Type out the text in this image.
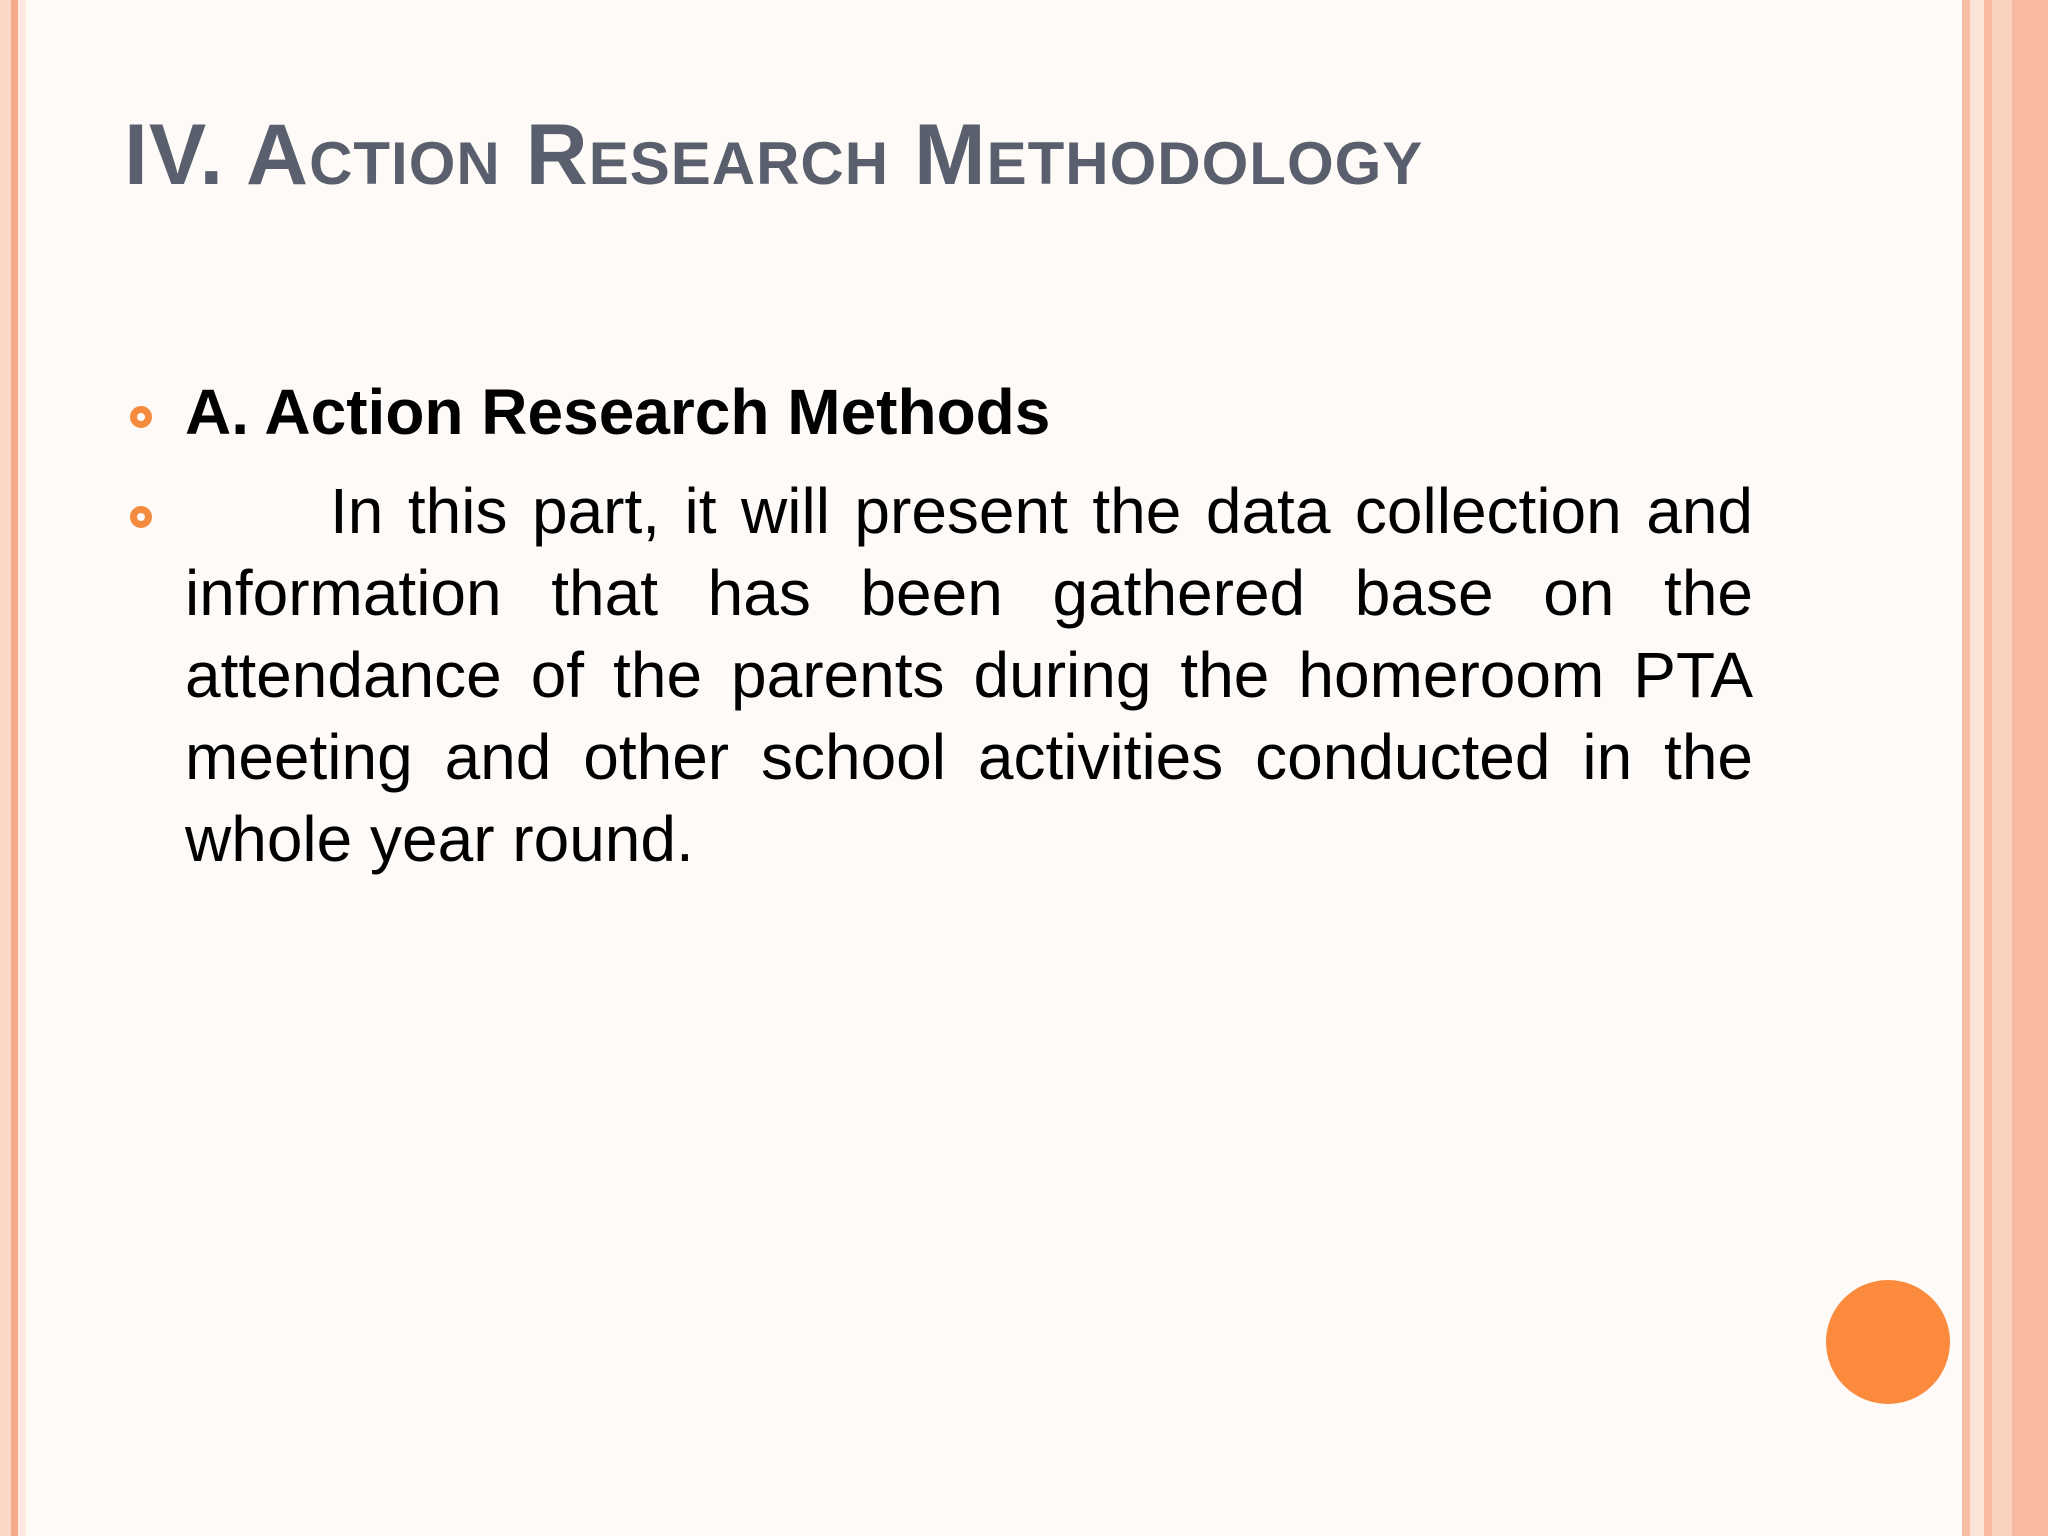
IV. Action Research Methodology

A. Action Research Methods

In this part, it will present the data collection and information that has been gathered base on the attendance of the parents during the homeroom PTA meeting and other school activities conducted in the whole year round.
